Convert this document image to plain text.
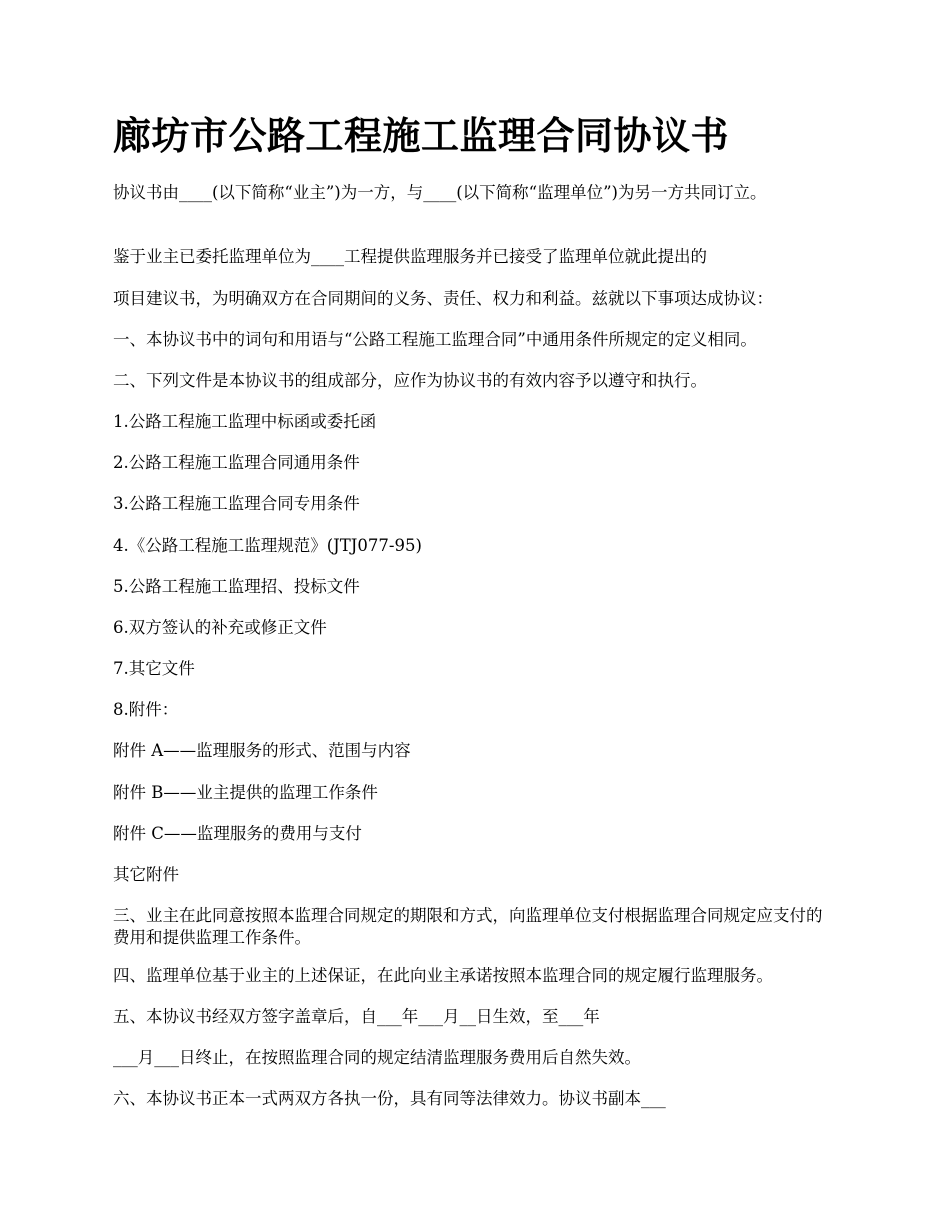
廊坊市公路工程施工监理合同协议书

协议书由____(以下简称“业主”)为一方，与____(以下简称“监理单位”)为另一方共同订立。

鉴于业主已委托监理单位为____工程提供监理服务并已接受了监理单位就此提出的

项目建议书，为明确双方在合同期间的义务、责任、权力和利益。兹就以下事项达成协议：

一、本协议书中的词句和用语与“公路工程施工监理合同”中通用条件所规定的定义相同。

二、下列文件是本协议书的组成部分，应作为协议书的有效内容予以遵守和执行。

1.公路工程施工监理中标函或委托函

2.公路工程施工监理合同通用条件

3.公路工程施工监理合同专用条件

4.《公路工程施工监理规范》(JTJ077-95)

5.公路工程施工监理招、投标文件

6.双方签认的补充或修正文件

7.其它文件

8.附件：

附件 A——监理服务的形式、范围与内容

附件 B——业主提供的监理工作条件

附件 C——监理服务的费用与支付

其它附件

三、业主在此同意按照本监理合同规定的期限和方式，向监理单位支付根据监理合同规定应支付的费用和提供监理工作条件。

四、监理单位基于业主的上述保证，在此向业主承诺按照本监理合同的规定履行监理服务。

五、本协议书经双方签字盖章后，自___年___月__日生效，至___年

___月___日终止，在按照监理合同的规定结清监理服务费用后自然失效。

六、本协议书正本一式两双方各执一份，具有同等法律效力。协议书副本___
